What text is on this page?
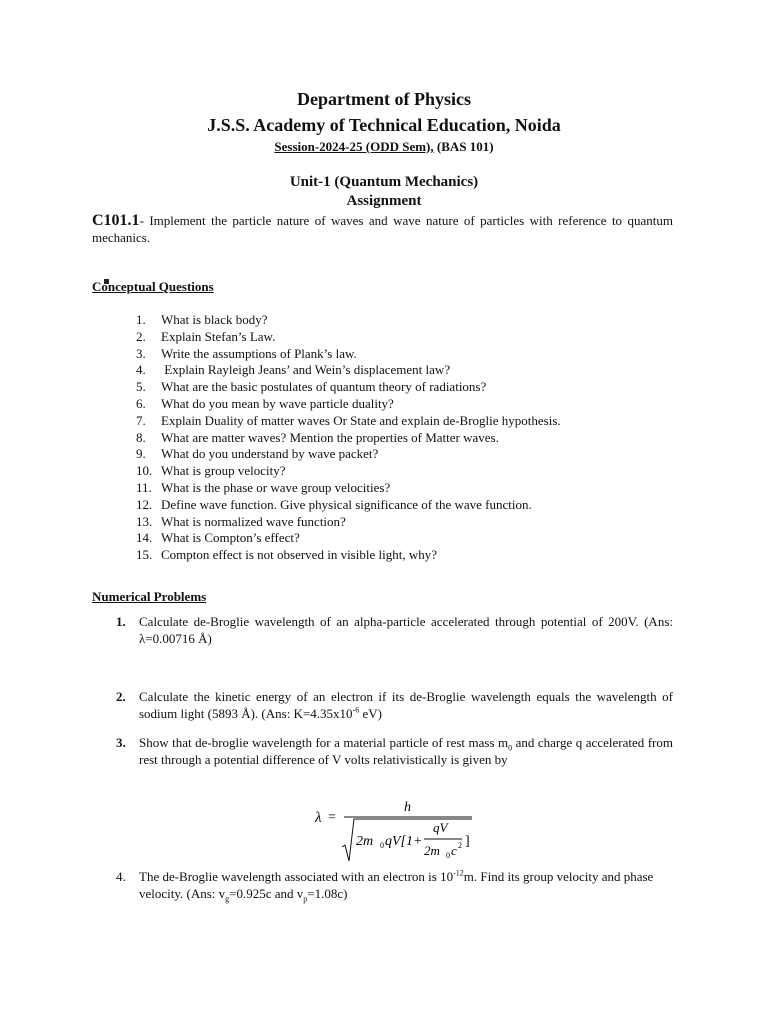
Department of Physics
J.S.S. Academy of Technical Education, Noida
Session-2024-25 (ODD Sem), (BAS 101)
Unit-1 (Quantum Mechanics)
Assignment
C101.1- Implement the particle nature of waves and wave nature of particles with reference to quantum mechanics.
Conceptual Questions
1. What is black body?
2. Explain Stefan’s Law.
3. Write the assumptions of Plank’s law.
4. Explain Rayleigh Jeans’ and Wein’s displacement law?
5. What are the basic postulates of quantum theory of radiations?
6. What do you mean by wave particle duality?
7. Explain Duality of matter waves Or State and explain de-Broglie hypothesis.
8. What are matter waves? Mention the properties of Matter waves.
9. What do you understand by wave packet?
10. What is group velocity?
11. What is the phase or wave group velocities?
12. Define wave function. Give physical significance of the wave function.
13. What is normalized wave function?
14. What is Compton’s effect?
15. Compton effect is not observed in visible light, why?
Numerical Problems
1. Calculate de-Broglie wavelength of an alpha-particle accelerated through potential of 200V. (Ans: λ=0.00716 Å)
2. Calculate the kinetic energy of an electron if its de-Broglie wavelength equals the wavelength of sodium light (5893 Å). (Ans: $K=4.35x10^{-6}$ eV)
3. Show that de-broglie wavelength for a material particle of rest mass $m_0$ and charge q accelerated from rest through a potential difference of V volts relativistically is given by
λ =
h
2m 0 qV[1+
qV
2m 0 c 2 ]
4. The de-Broglie wavelength associated with an electron is $10^{-12}m$. Find its group velocity and phase velocity. (Ans: $v_g=0.925c$ and $v_p=1.08c$)
